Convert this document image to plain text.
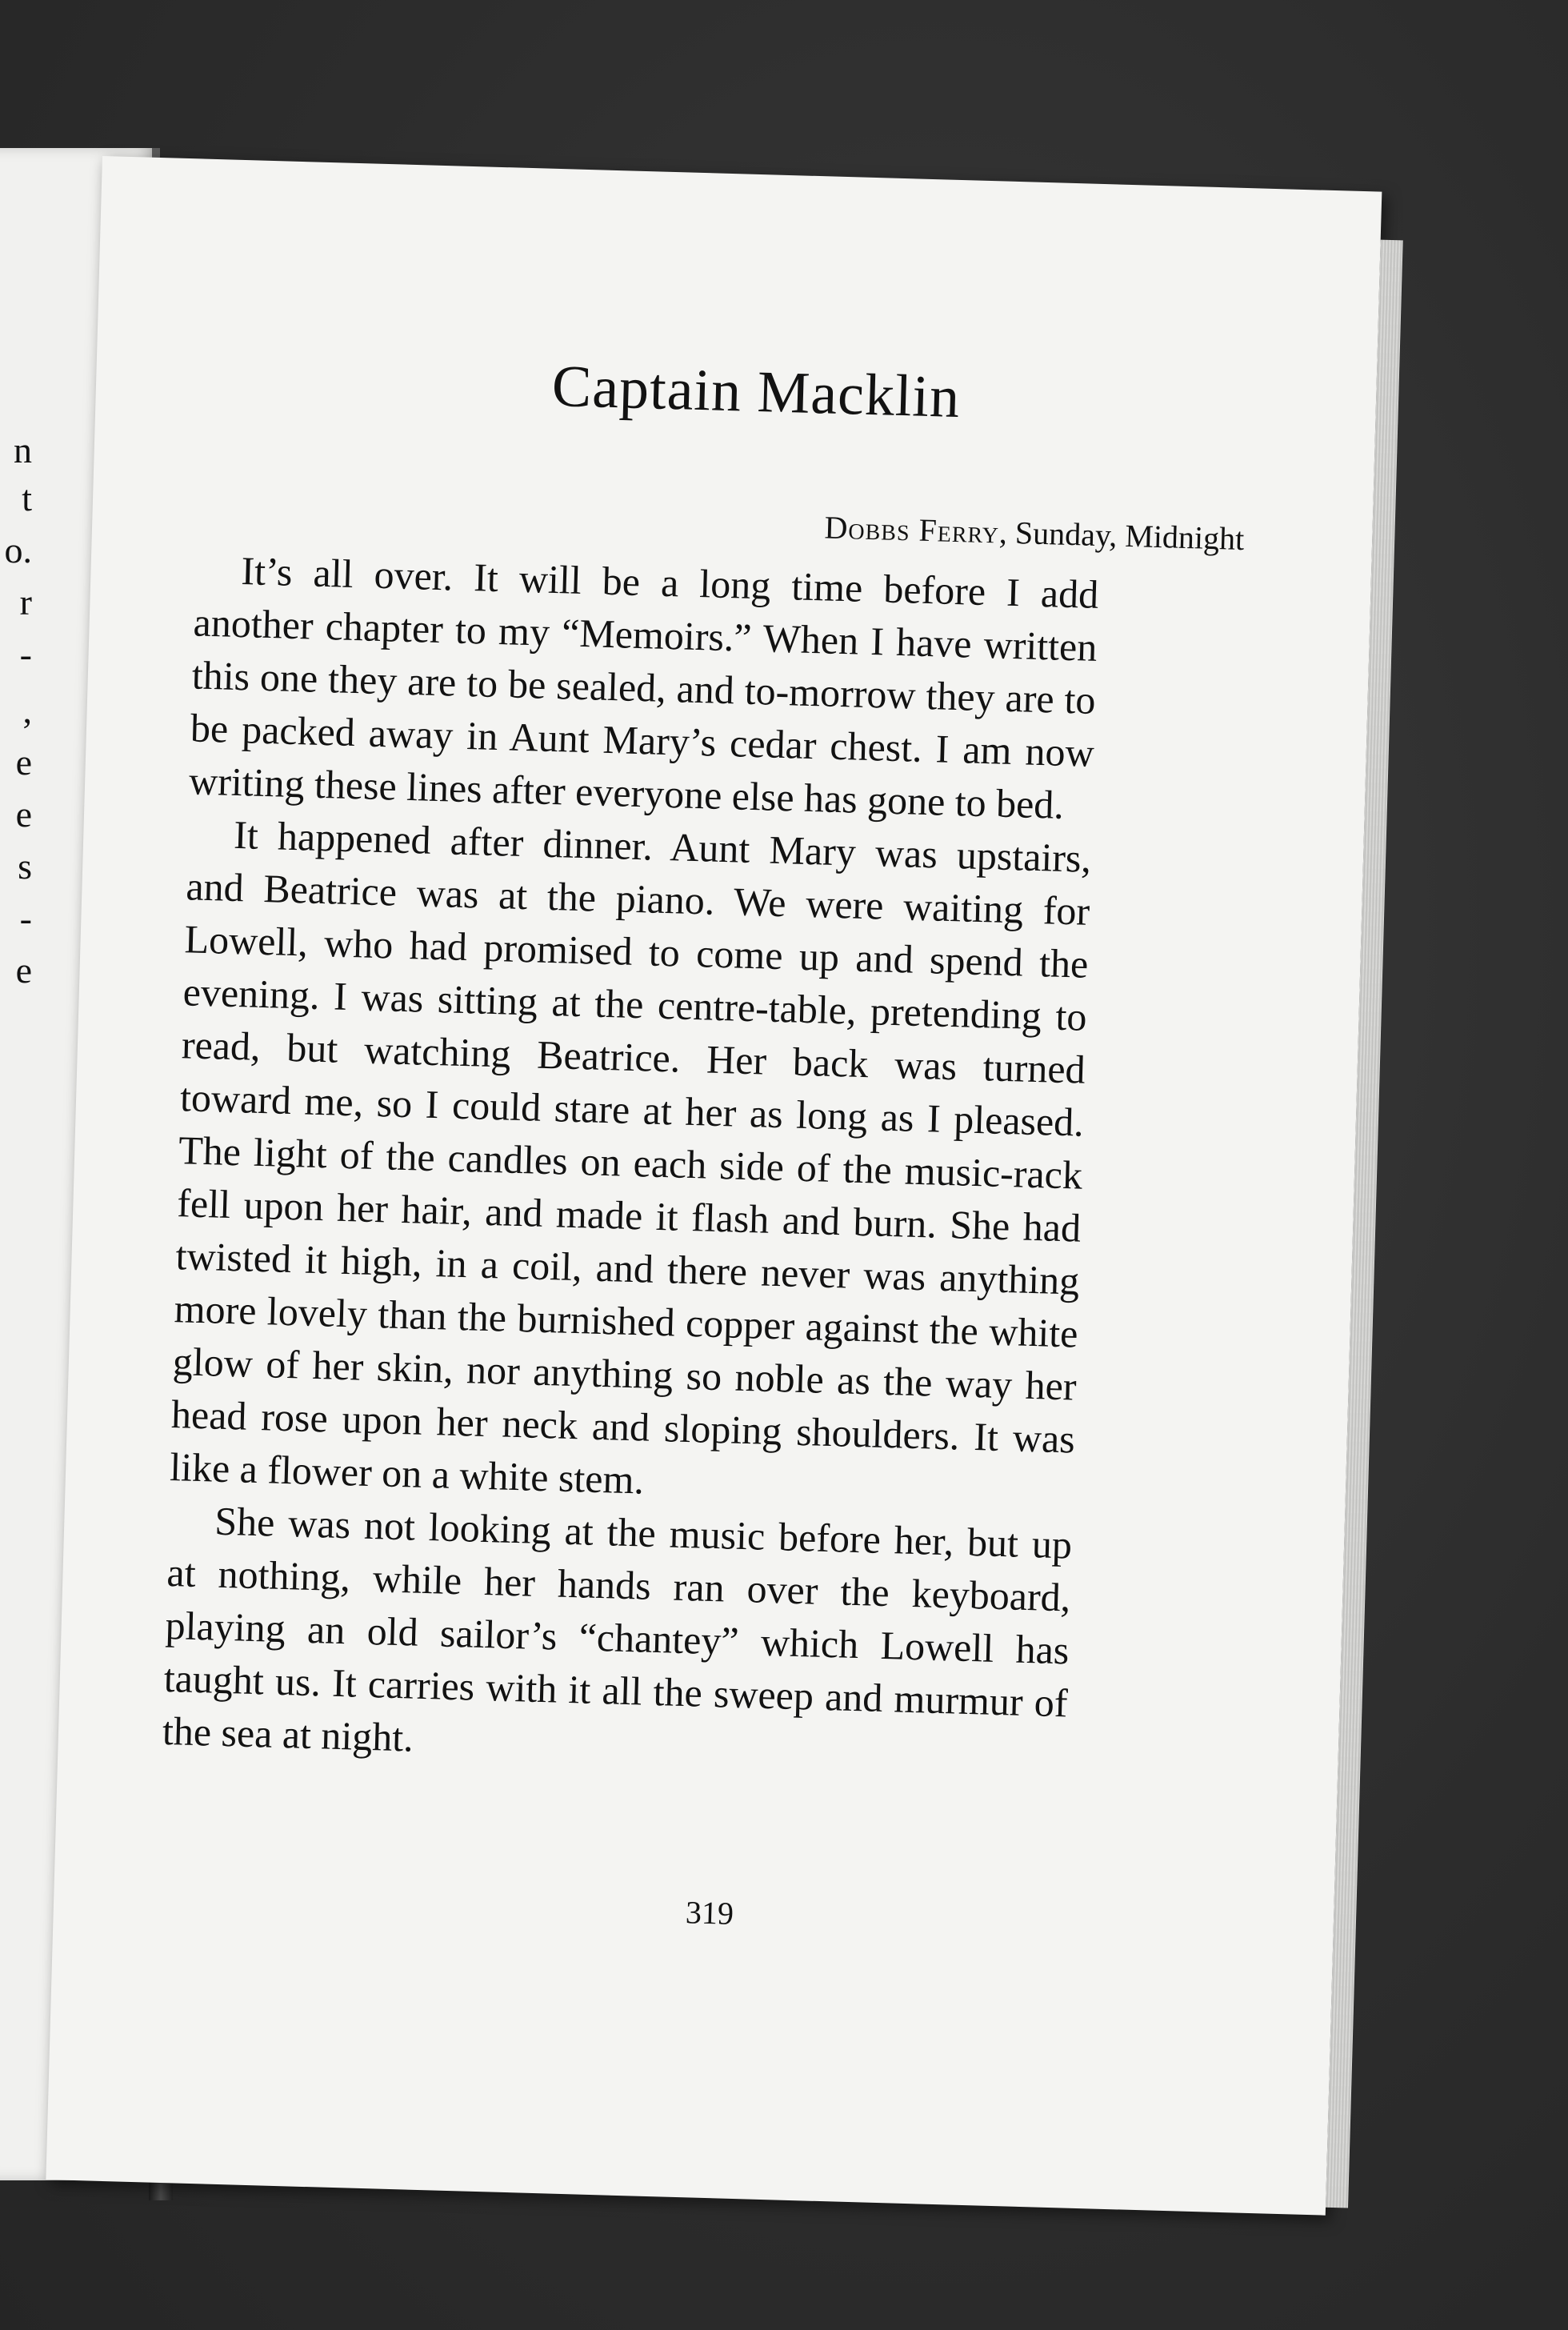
n
t
o.
r
-
,
e
e
s
-
e
Captain Macklin
Dobbs Ferry, Sunday, Midnight

It’s all over. It will be a long time before I add another chapter to my “Memoirs.” When I have written this one they are to be sealed, and to-morrow they are to be packed away in Aunt Mary’s cedar chest. I am now writing these lines after everyone else has gone to bed.

It happened after dinner. Aunt Mary was upstairs, and Beatrice was at the piano. We were waiting for Lowell, who had promised to come up and spend the evening. I was sitting at the centre-table, pretending to read, but watching Beatrice. Her back was turned toward me, so I could stare at her as long as I pleased. The light of the candles on each side of the music-rack fell upon her hair, and made it flash and burn. She had twisted it high, in a coil, and there never was anything more lovely than the burnished copper against the white glow of her skin, nor anything so noble as the way her head rose upon her neck and sloping shoulders. It was like a flower on a white stem.

She was not looking at the music before her, but up at nothing, while her hands ran over the keyboard, playing an old sailor’s “chantey” which Lowell has taught us. It carries with it all the sweep and murmur of the sea at night.

319
